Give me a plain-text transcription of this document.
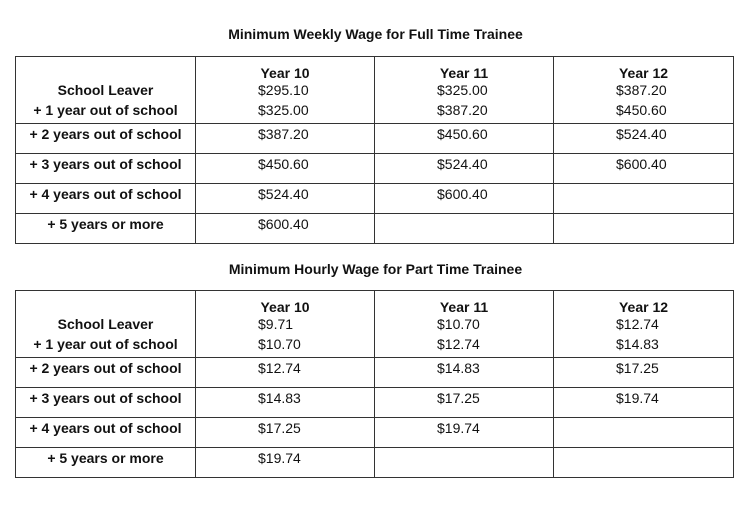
Minimum Weekly Wage for Full Time Trainee

	Year 10	Year 11	Year 12
School Leaver	$295.10	$325.00	$387.20
+ 1 year out of school	$325.00	$387.20	$450.60
+ 2 years out of school	$387.20	$450.60	$524.40
+ 3 years out of school	$450.60	$524.40	$600.40
+ 4 years out of school	$524.40	$600.40	
+ 5 years or more	$600.40		
Minimum Hourly Wage for Part Time Trainee

	Year 10	Year 11	Year 12
School Leaver	$9.71	$10.70	$12.74
+ 1 year out of school	$10.70	$12.74	$14.83
+ 2 years out of school	$12.74	$14.83	$17.25
+ 3 years out of school	$14.83	$17.25	$19.74
+ 4 years out of school	$17.25	$19.74	
+ 5 years or more	$19.74		
